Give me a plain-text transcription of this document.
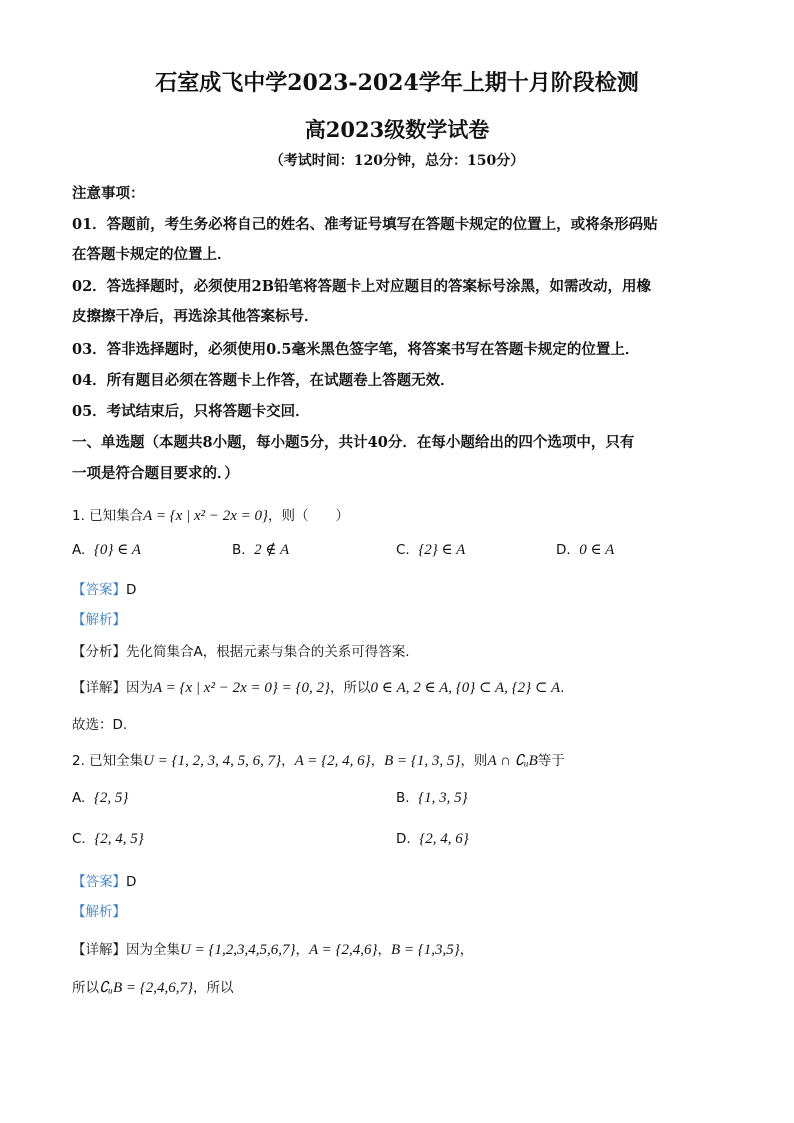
石室成飞中学2023-2024学年上期十月阶段检测
高2023级数学试卷
（考试时间：120分钟，总分：150分）
注意事项：
01．答题前，考生务必将自己的姓名、准考证号填写在答题卡规定的位置上，或将条形码贴
在答题卡规定的位置上．
02．答选择题时，必须使用2B铅笔将答题卡上对应题目的答案标号涂黑，如需改动，用橡
皮擦擦干净后，再选涂其他答案标号．
03．答非选择题时，必须使用0.5毫米黑色签字笔，将答案书写在答题卡规定的位置上．
04．所有题目必须在答题卡上作答，在试题卷上答题无效．
05．考试结束后，只将答题卡交回．
一、单选题（本题共8小题，每小题5分，共计40分．在每小题给出的四个选项中，只有
一项是符合题目要求的．）
1. 已知集合A = {x | x² − 2x = 0}，则（　　）
A. {0} ∈ A	B. 2 ∉ A	C. {2} ∈ A	D. 0 ∈ A
【答案】D
【解析】
【分析】先化简集合A，根据元素与集合的关系可得答案.
【详解】因为A = {x | x² − 2x = 0} = {0, 2}，所以0 ∈ A, 2 ∈ A, {0} ⊂ A, {2} ⊂ A.
故选：D.
2. 已知全集U = {1, 2, 3, 4, 5, 6, 7}，A = {2, 4, 6}，B = {1, 3, 5}，则A ∩ ∁ᵤB等于
A. {2, 5}	B. {1, 3, 5}
C. {2, 4, 5}	D. {2, 4, 6}
【答案】D
【解析】
【详解】因为全集U = {1,2,3,4,5,6,7}，A = {2,4,6}，B = {1,3,5}，
所以∁ᵤB = {2,4,6,7}，所以
